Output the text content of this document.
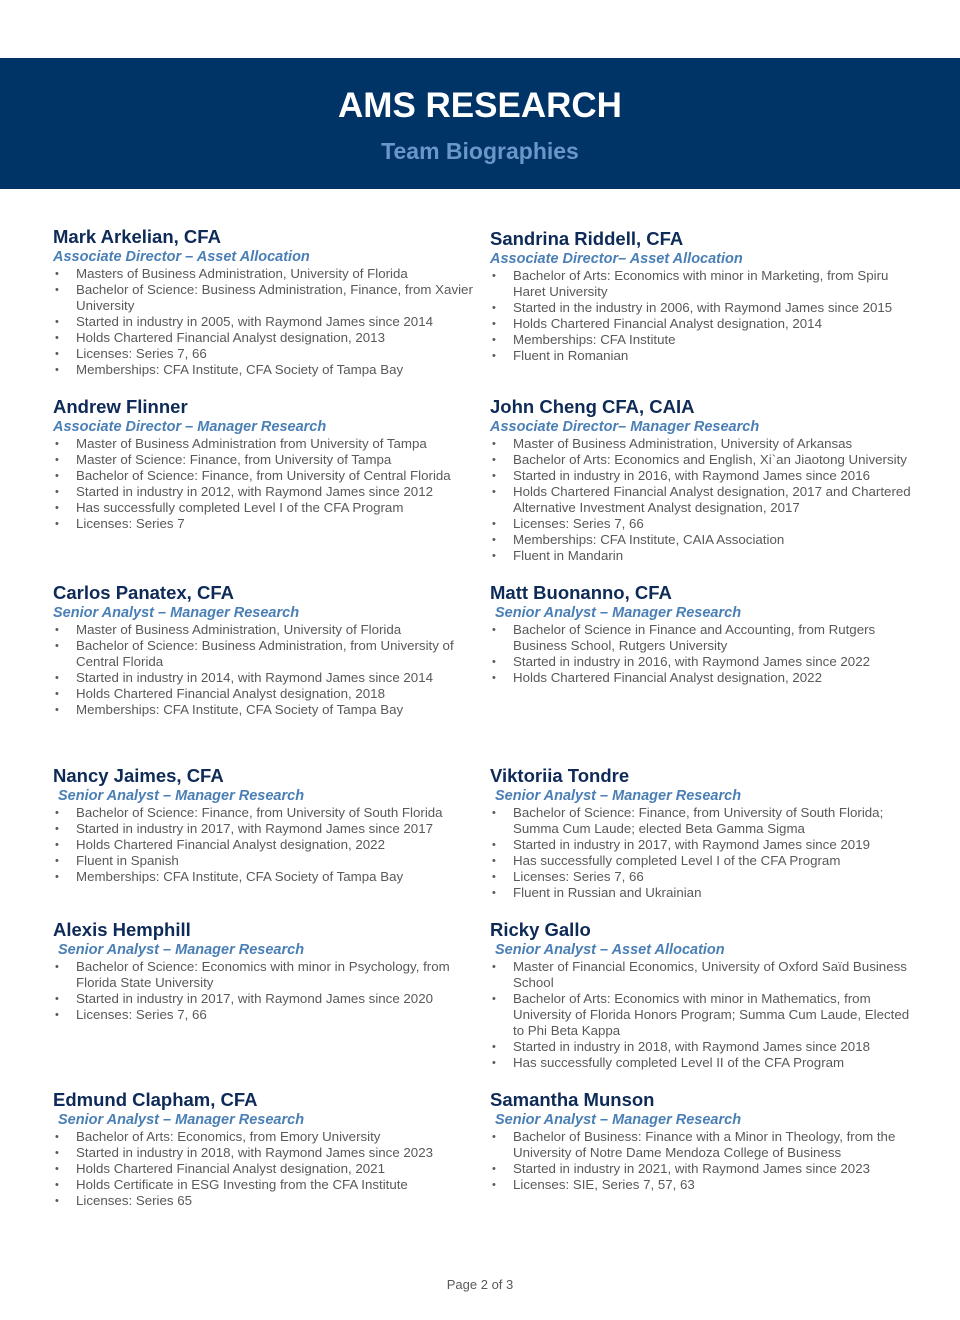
AMS RESEARCH
Team Biographies
Mark Arkelian, CFA
Associate Director – Asset Allocation
• Masters of Business Administration, University of Florida
• Bachelor of Science: Business Administration, Finance, from Xavier University
• Started in industry in 2005, with Raymond James since 2014
• Holds Chartered Financial Analyst designation, 2013
• Licenses: Series 7, 66
• Memberships: CFA Institute, CFA Society of Tampa Bay
Sandrina Riddell, CFA
Associate Director– Asset Allocation
• Bachelor of Arts: Economics with minor in Marketing, from Spiru Haret University
• Started in the industry in 2006, with Raymond James since 2015
• Holds Chartered Financial Analyst designation, 2014
• Memberships: CFA Institute
• Fluent in Romanian
Andrew Flinner
Associate Director – Manager Research
• Master of Business Administration from University of Tampa
• Master of Science: Finance, from University of Tampa
• Bachelor of Science: Finance, from University of Central Florida
• Started in industry in 2012, with Raymond James since 2012
• Has successfully completed Level I of the CFA Program
• Licenses: Series 7
John Cheng CFA, CAIA
Associate Director– Manager Research
• Master of Business Administration, University of Arkansas
• Bachelor of Arts: Economics and English, Xi`an Jiaotong University
• Started in industry in 2016, with Raymond James since 2016
• Holds Chartered Financial Analyst designation, 2017 and Chartered Alternative Investment Analyst designation, 2017
• Licenses: Series 7, 66
• Memberships: CFA Institute, CAIA Association
• Fluent in Mandarin
Carlos Panatex, CFA
Senior Analyst – Manager Research
• Master of Business Administration, University of Florida
• Bachelor of Science: Business Administration, from University of Central Florida
• Started in industry in 2014, with Raymond James since 2014
• Holds Chartered Financial Analyst designation, 2018
• Memberships: CFA Institute, CFA Society of Tampa Bay
Matt Buonanno, CFA
Senior Analyst – Manager Research
• Bachelor of Science in Finance and Accounting, from Rutgers Business School, Rutgers University
• Started in industry in 2016, with Raymond James since 2022
• Holds Chartered Financial Analyst designation, 2022
Nancy Jaimes, CFA
Senior Analyst – Manager Research
• Bachelor of Science: Finance, from University of South Florida
• Started in industry in 2017, with Raymond James since 2017
• Holds Chartered Financial Analyst designation, 2022
• Fluent in Spanish
• Memberships: CFA Institute, CFA Society of Tampa Bay
Viktoriia Tondre
Senior Analyst – Manager Research
• Bachelor of Science: Finance, from University of South Florida; Summa Cum Laude; elected Beta Gamma Sigma
• Started in industry in 2017, with Raymond James since 2019
• Has successfully completed Level I of the CFA Program
• Licenses: Series 7, 66
• Fluent in Russian and Ukrainian
Alexis Hemphill
Senior Analyst – Manager Research
• Bachelor of Science: Economics with minor in Psychology, from Florida State University
• Started in industry in 2017, with Raymond James since 2020
• Licenses: Series 7, 66
Ricky Gallo
Senior Analyst – Asset Allocation
• Master of Financial Economics, University of Oxford Saïd Business School
• Bachelor of Arts: Economics with minor in Mathematics, from University of Florida Honors Program; Summa Cum Laude, Elected to Phi Beta Kappa
• Started in industry in 2018, with Raymond James since 2018
• Has successfully completed Level II of the CFA Program
Edmund Clapham, CFA
Senior Analyst – Manager Research
• Bachelor of Arts: Economics, from Emory University
• Started in industry in 2018, with Raymond James since 2023
• Holds Chartered Financial Analyst designation, 2021
• Holds Certificate in ESG Investing from the CFA Institute
• Licenses: Series 65
Samantha Munson
Senior Analyst – Manager Research
• Bachelor of Business: Finance with a Minor in Theology, from the University of Notre Dame Mendoza College of Business
• Started in industry in 2021, with Raymond James since 2023
• Licenses: SIE, Series 7, 57, 63
Page 2 of 3
